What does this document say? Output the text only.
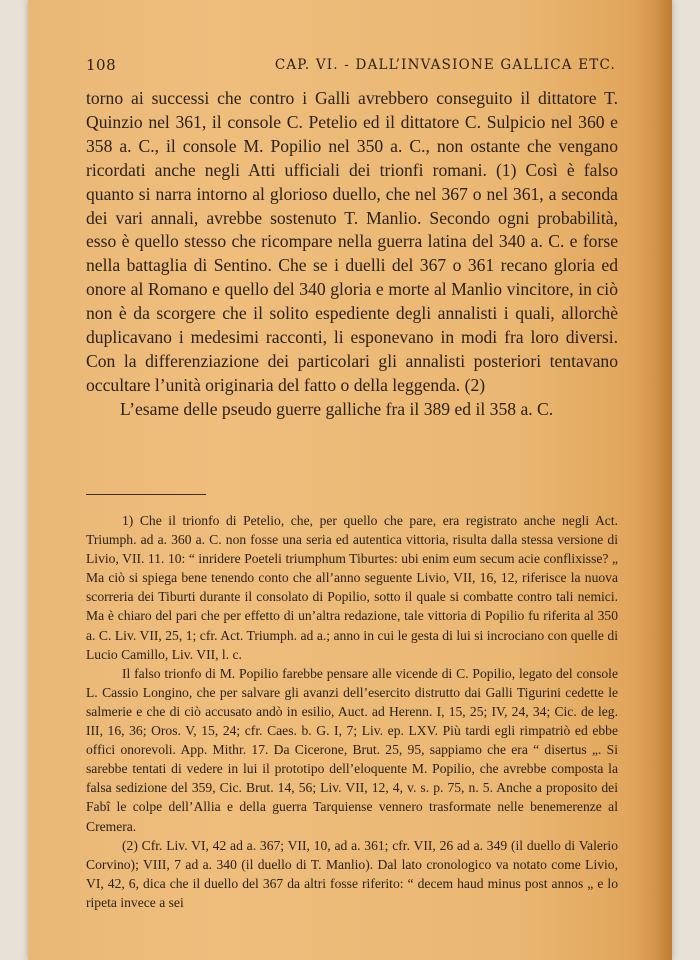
108	CAP. VI. - DALL’INVASIONE GALLICA ETC.

torno ai successi che contro i Galli avrebbero conseguito il dittatore T. Quinzio nel 361, il console C. Petelio ed il dittatore C. Sulpicio nel 360 e 358 a. C., il console M. Popilio nel 350 a. C., non ostante che vengano ricordati anche negli Atti ufficiali dei trionfi romani. (1) Così è falso quanto si narra intorno al glorioso duello, che nel 367 o nel 361, a seconda dei vari annali, avrebbe sostenuto T. Manlio. Secondo ogni probabilità, esso è quello stesso che ricompare nella guerra latina del 340 a. C. e forse nella battaglia di Sentino. Che se i duelli del 367 o 361 recano gloria ed onore al Romano e quello del 340 gloria e morte al Manlio vincitore, in ciò non è da scorgere che il solito espediente degli annalisti i quali, allorchè duplicavano i medesimi racconti, li esponevano in modi fra loro diversi. Con la differenziazione dei particolari gli annalisti posteriori tentavano occultare l’unità originaria del fatto o della leggenda. (2)

L’esame delle pseudo guerre galliche fra il 389 ed il 358 a. C.

1) Che il trionfo di Petelio, che, per quello che pare, era registrato anche negli Act. Triumph. ad a. 360 a. C. non fosse una seria ed autentica vittoria, risulta dalla stessa versione di Livio, VII. 11. 10: “ inridere Poeteli triumphum Tiburtes: ubi enim eum secum acie conflixisse? „ Ma ciò si spiega bene tenendo conto che all’anno seguente Livio, VII, 16, 12, riferisce la nuova scorreria dei Tiburti durante il consolato di Popilio, sotto il quale si combatte contro tali nemici. Ma è chiaro del pari che per effetto di un’altra redazione, tale vittoria di Popilio fu riferita al 350 a. C. Liv. VII, 25, 1; cfr. Act. Triumph. ad a.; anno in cui le gesta di lui si incrociano con quelle di Lucio Camillo, Liv. VII, l. c.

Il falso trionfo di M. Popilio farebbe pensare alle vicende di C. Popilio, legato del console L. Cassio Longino, che per salvare gli avanzi dell’esercito distrutto dai Galli Tigurini cedette le salmerie e che di ciò accusato andò in esilio, Auct. ad Herenn. I, 15, 25; IV, 24, 34; Cic. de leg. III, 16, 36; Oros. V, 15, 24; cfr. Caes. b. G. I, 7; Liv. ep. LXV. Più tardi egli rimpatriò ed ebbe offici onorevoli. App. Mithr. 17. Da Cicerone, Brut. 25, 95, sappiamo che era “ disertus „. Si sarebbe tentati di vedere in lui il prototipo dell’eloquente M. Popilio, che avrebbe composta la falsa sedizione del 359, Cic. Brut. 14, 56; Liv. VII, 12, 4, v. s. p. 75, n. 5. Anche a proposito dei Fabî le colpe dell’Allia e della guerra Tarquiense vennero trasformate nelle benemerenze al Cremera.

(2) Cfr. Liv. VI, 42 ad a. 367; VII, 10, ad a. 361; cfr. VII, 26 ad a. 349 (il duello di Valerio Corvino); VIII, 7 ad a. 340 (il duello di T. Manlio). Dal lato cronologico va notato come Livio, VI, 42, 6, dica che il duello del 367 da altri fosse riferito: “ decem haud minus post annos „ e lo ripeta invece a sei
